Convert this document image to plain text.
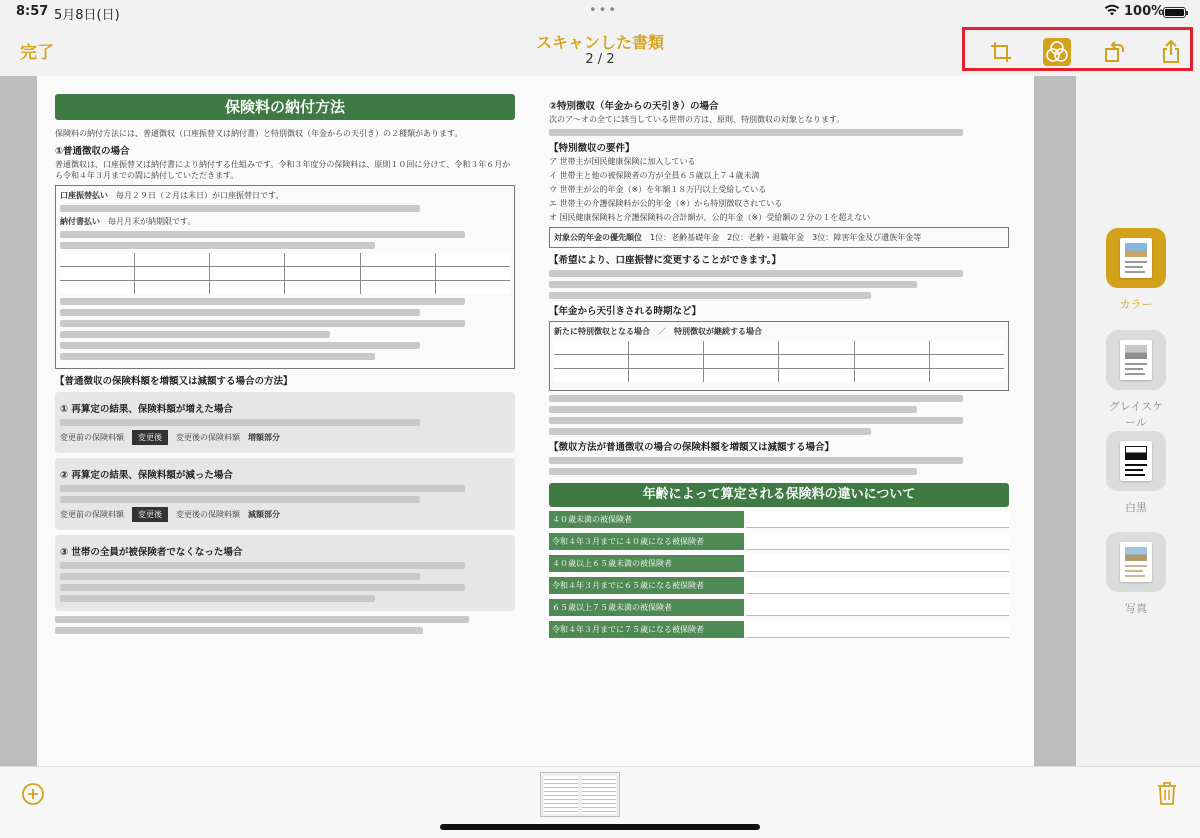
8:57 5月8日(日)	•••	100%
完了
スキャンした書類
2 / 2
保険料の納付方法
保険料の納付方法には、普通徴収（口座振替又は納付書）と特別徴収（年金からの天引き）の２種類があります。
①普通徴収の場合
普通徴収は、口座振替又は納付書により納付する仕組みです。令和３年度分の保険料は、原則１０回に分けて、令和３年６月から令和４年３月までの間に納付していただきます。
口座振替払い　 毎月２９日（２月は末日）が口座振替日です。
納付書払い　 毎月月末が納期限です。
【普通徴収の保険料額を増額又は減額する場合の方法】
① 再算定の結果、保険料額が増えた場合
変更前の保険料額　 変更後　 変更後の保険料額　 増額部分
② 再算定の結果、保険料額が減った場合
変更前の保険料額　 変更後　 変更後の保険料額　 減額部分
③ 世帯の全員が被保険者でなくなった場合
②特別徴収（年金からの天引き）の場合
次のア〜オの全てに該当している世帯の方は、原則、特別徴収の対象となります。
【特別徴収の要件】
ア 世帯主が国民健康保険に加入している
イ 世帯主と他の被保険者の方が全員６５歳以上７４歳未満
ウ 世帯主が公的年金（※）を年額１８万円以上受給している
エ 世帯主の介護保険料が公的年金（※）から特別徴収されている
オ 国民健康保険料と介護保険料の合計額が、公的年金（※）受給額の２分の１を超えない
対象公的年金の優先順位　 1位：老齢基礎年金　2位：老齢・退職年金　3位：障害年金及び遺族年金等
【希望により、口座振替に変更することができます。】
【年金から天引きされる時期など】
新たに特別徴収となる場合　／　特別徴収が継続する場合
【徴収方法が普通徴収の場合の保険料額を増額又は減額する場合】
年齢によって算定される保険料の違いについて
４０歳未満の被保険者
令和４年３月までに４０歳になる被保険者
４０歳以上６５歳未満の被保険者
令和４年３月までに６５歳になる被保険者
６５歳以上７５歳未満の被保険者
令和４年３月までに７５歳になる被保険者
カラー
グレイスケール
白黒
写真
